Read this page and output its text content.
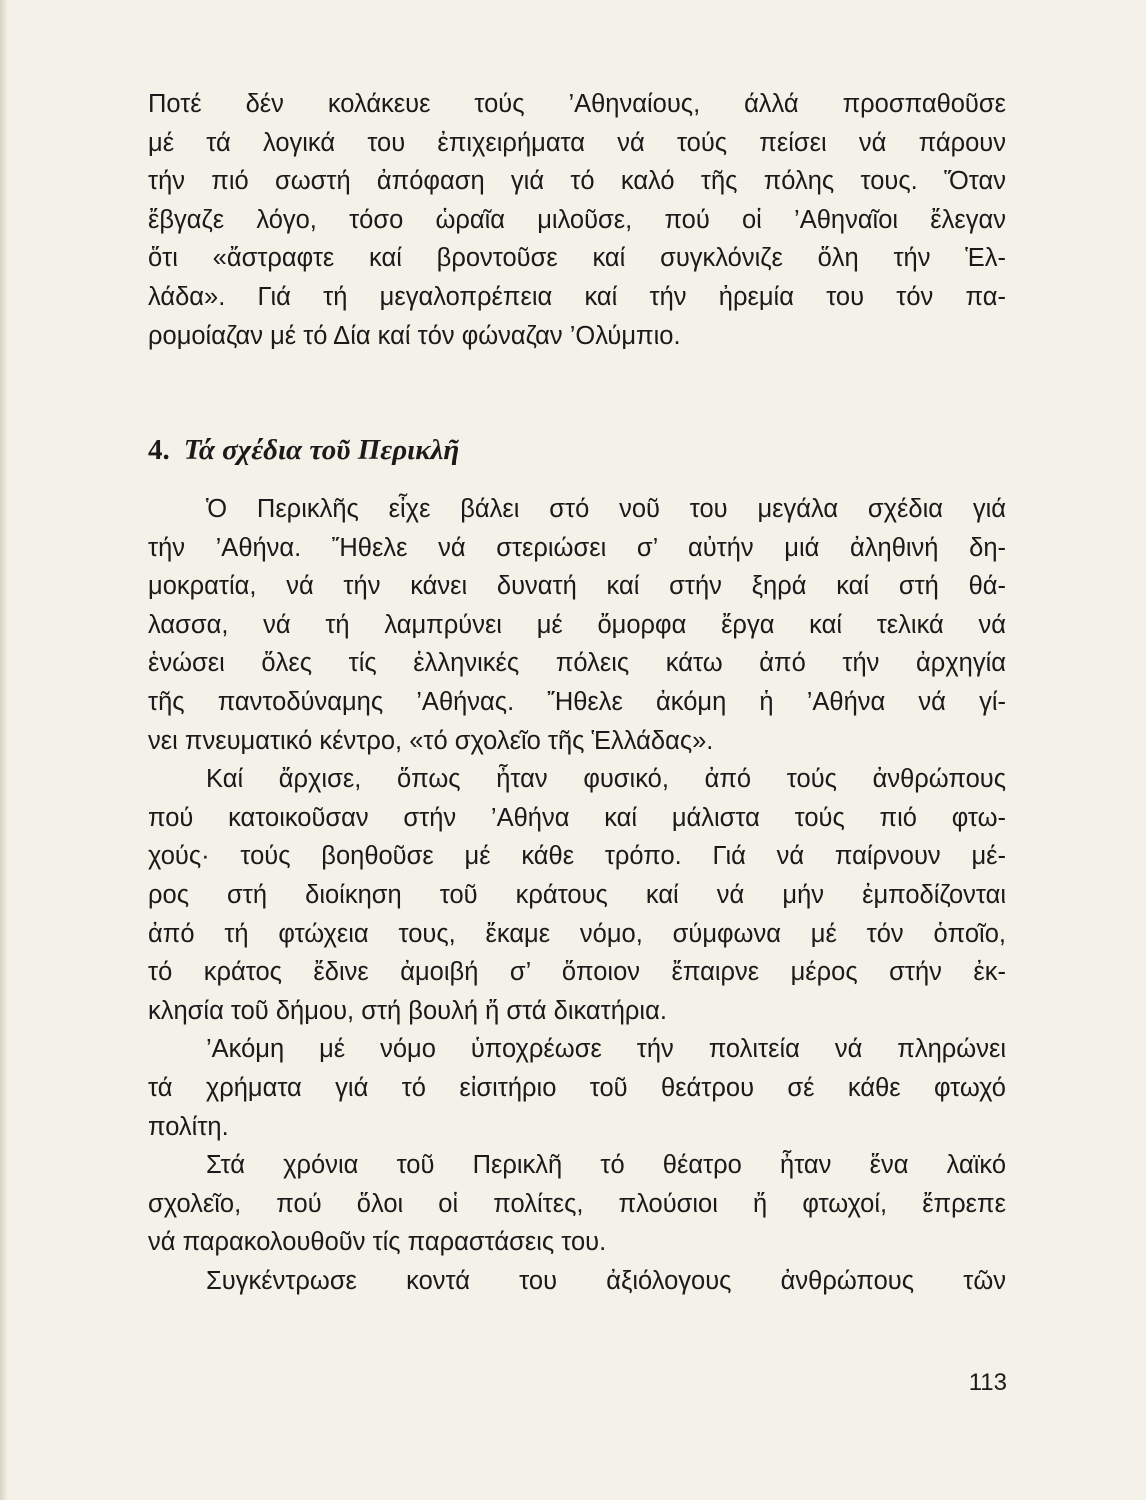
Ποτέ δέν κολάκευε τούς ’Αθηναίους, άλλά προσπαθοῦσε
μέ τά λογικά του ἐπιχειρήματα νά τούς πείσει νά πάρουν
τήν πιό σωστή ἀπόφαση γιά τό καλό τῆς πόλης τους. Ὅταν
ἔβγαζε λόγο, τόσο ὡραῖα μιλοῦσε, πού οἱ ’Αθηναῖοι ἔλεγαν
ὅτι «ἄστραφτε καί βροντοῦσε καί συγκλόνιζε ὅλη τήν Ἑλ-
λάδα». Γιά τή μεγαλοπρέπεια καί τήν ἠρεμία του τόν πα-
ρομοίαζαν μέ τό Δία καί τόν φώναζαν ’Ολύμπιο.
4. Τά σχέδια τοῦ Περικλῆ
Ὁ Περικλῆς εἶχε βάλει στό νοῦ του μεγάλα σχέδια γιά
τήν ’Αθήνα. Ἤθελε νά στεριώσει σ’ αὐτήν μιά ἀληθινή δη-
μοκρατία, νά τήν κάνει δυνατή καί στήν ξηρά καί στή θά-
λασσα, νά τή λαμπρύνει μέ ὄμορφα ἔργα καί τελικά νά
ἑνώσει ὅλες τίς ἑλληνικές πόλεις κάτω ἀπό τήν ἀρχηγία
τῆς παντοδύναμης ’Αθήνας. Ἤθελε ἀκόμη ἡ ’Αθήνα νά γί-
νει πνευματικό κέντρο, «τό σχολεῖο τῆς Ἑλλάδας».
Καί ἄρχισε, ὅπως ἦταν φυσικό, ἀπό τούς ἀνθρώπους
πού κατοικοῦσαν στήν ’Αθήνα καί μάλιστα τούς πιό φτω-
χούς· τούς βοηθοῦσε μέ κάθε τρόπο. Γιά νά παίρνουν μέ-
ρος στή διοίκηση τοῦ κράτους καί νά μήν ἐμποδίζονται
ἀπό τή φτώχεια τους, ἔκαμε νόμο, σύμφωνα μέ τόν ὁποῖο,
τό κράτος ἔδινε ἀμοιβή σ’ ὅποιον ἔπαιρνε μέρος στήν ἐκ-
κλησία τοῦ δήμου, στή βουλή ἤ στά δικατήρια.
’Ακόμη μέ νόμο ὑποχρέωσε τήν πολιτεία νά πληρώνει
τά χρήματα γιά τό εἰσιτήριο τοῦ θεάτρου σέ κάθε φτωχό
πολίτη.
Στά χρόνια τοῦ Περικλῆ τό θέατρο ἦταν ἕνα λαϊκό
σχολεῖο, πού ὅλοι οἱ πολίτες, πλούσιοι ἤ φτωχοί, ἔπρεπε
νά παρακολουθοῦν τίς παραστάσεις του.
Συγκέντρωσε κοντά του ἀξιόλογους ἀνθρώπους τῶν
113
